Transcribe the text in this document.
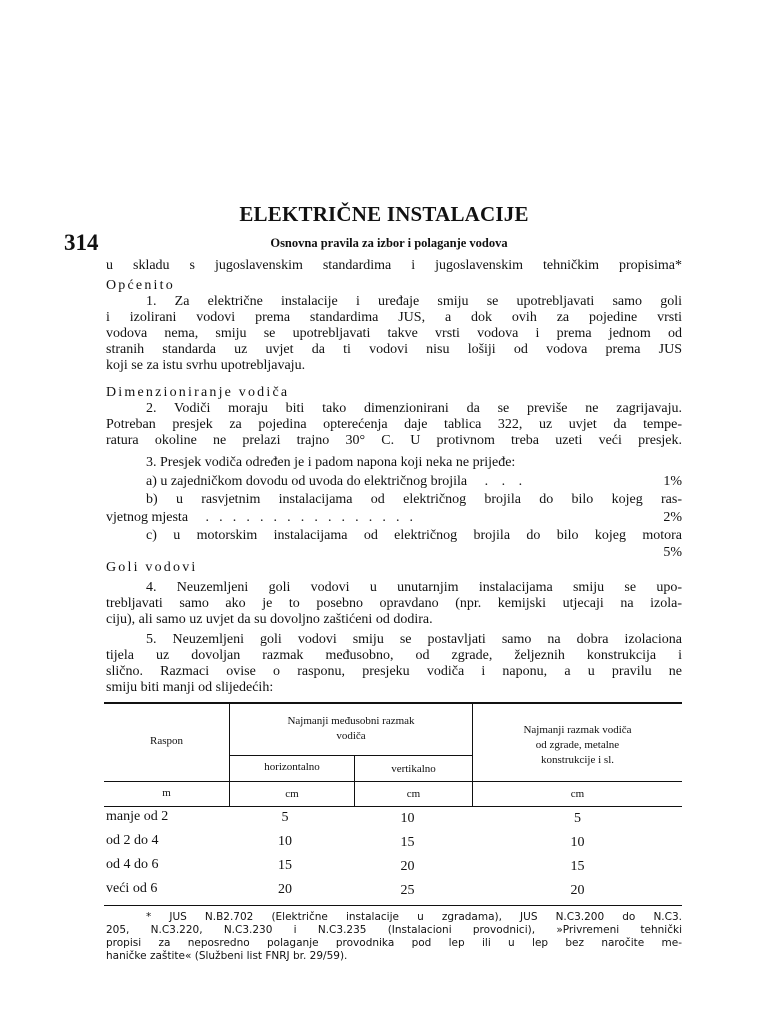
ELEKTRIČNE INSTALACIJE
314	Osnovna pravila za izbor i polaganje vodova
u skladu s jugoslavenskim standardima i jugoslavenskim tehničkim propisima*
Općenito
1. Za električne instalacije i uređaje smiju se upotrebljavati samo goli
i izolirani vodovi prema standardima JUS, a dok ovih za pojedine vrsti
vodova nema, smiju se upotrebljavati takve vrsti vodova i prema jednom od
stranih standarda uz uvjet da ti vodovi nisu lošiji od vodova prema JUS
koji se za istu svrhu upotrebljavaju.
Dimenzioniranje vodiča
2. Vodiči moraju biti tako dimenzionirani da se previše ne zagrijavaju.
Potreban presjek za pojedina opterećenja daje tablica 322, uz uvjet da tempe-
ratura okoline ne prelazi trajno 30° C. U protivnom treba uzeti veći presjek.
3. Presjek vodiča određen je i padom napona koji neka ne prijeđe:
a) u zajedničkom dovodu od uvoda do električnog brojila . . .	1%
b) u rasvjetnim instalacijama od električnog brojila do bilo kojeg ras-
vjetnog mjesta . . . . . . . . . . . . . . . .	2%
c) u motorskim instalacijama od električnog brojila do bilo kojeg motora
5%
Goli vodovi
4. Neuzemljeni goli vodovi u unutarnjim instalacijama smiju se upo-
trebljavati samo ako je to posebno opravdano (npr. kemijski utjecaji na izola-
ciju), ali samo uz uvjet da su dovoljno zaštićeni od dodira.
5. Neuzemljeni goli vodovi smiju se postavljati samo na dobra izolaciona
tijela uz dovoljan razmak međusobno, od zgrade, željeznih konstrukcija i
slično. Razmaci ovise o rasponu, presjeku vodiča i naponu, a u pravilu ne
smiju biti manji od slijedećih:
Raspon
Najmanji međusobni razmak
vodiča
horizontalno	vertikalno
Najmanji razmak vodiča
od zgrade, metalne
konstrukcije i sl.
m	cm	cm	cm
manje od 2	5	10	5
od 2 do 4	10	15	10
od 4 do 6	15	20	15
veći od 6	20	25	20
* JUS N.B2.702 (Električne instalacije u zgradama), JUS N.C3.200 do N.C3.
205, N.C3.220, N.C3.230 i N.C3.235 (Instalacioni provodnici), »Privremeni tehnički
propisi za neposredno polaganje provodnika pod lep ili u lep bez naročite me-
haničke zaštite« (Službeni list FNRJ br. 29/59).
